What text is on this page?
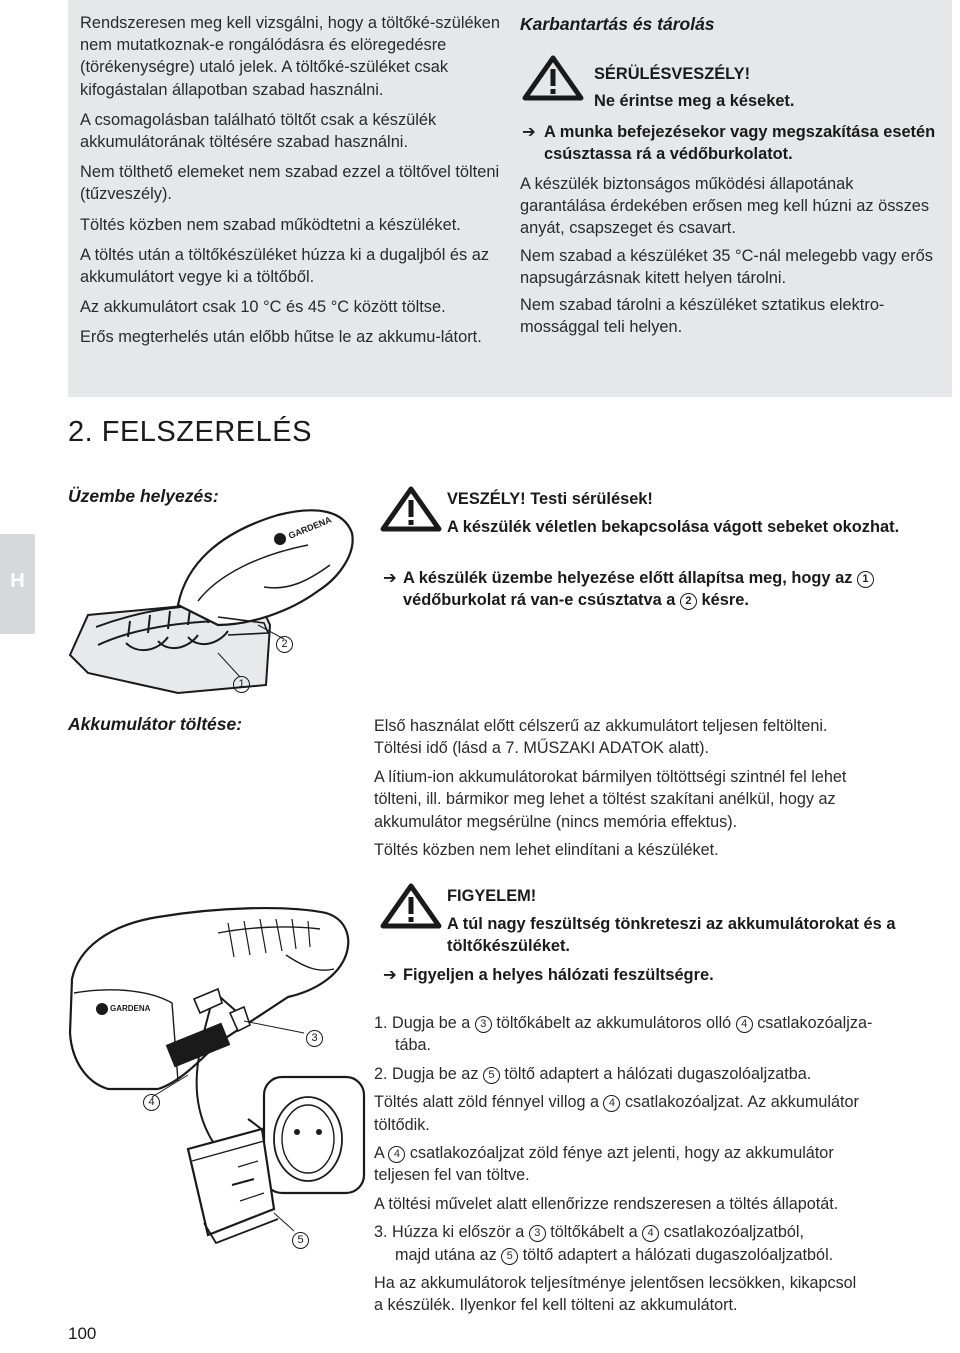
Rendszeresen meg kell vizsgálni, hogy a töltőké-szüléken nem mutatkoznak-e rongálódásra és elöregedésre (törékenységre) utaló jelek. A töltőké-szüléket csak kifogástalan állapotban szabad használni.

A csomagolásban található töltőt csak a készülék akkumulátorának töltésére szabad használni.

Nem tölthető elemeket nem szabad ezzel a töltővel tölteni (tűzveszély).

Töltés közben nem szabad működtetni a készüléket.

A töltés után a töltőkészüléket húzza ki a dugaljból és az akkumulátort vegye ki a töltőből.

Az akkumulátort csak 10 °C és 45 °C között töltse.

Erős megterhelés után előbb hűtse le az akkumu-látort.

Karbantartás és tárolás
SÉRÜLÉSVESZÉLY!
Ne érintse meg a késeket.
➔ A munka befejezésekor vagy megszakítása esetén csúsztassa rá a védőburkolatot.

A készülék biztonságos működési állapotának garantálása érdekében erősen meg kell húzni az összes anyát, csapszeget és csavart.

Nem szabad a készüléket 35 °C-nál melegebb vagy erős napsugárzásnak kitett helyen tárolni.

Nem szabad tárolni a készüléket sztatikus elektro-mossággal teli helyen.

2. FELSZERELÉS
H
Üzembe helyezés:	VESZÉLY! Testi sérülések!
A készülék véletlen bekapcsolása vágott sebeket okozhat.
➔ A készülék üzembe helyezése előtt állapítsa meg, hogy az 1 védőburkolat rá van-e csúsztatva a 2 késre.
GARDENA
2
1
Akkumulátor töltése:	Első használat előtt célszerű az akkumulátort teljesen feltölteni.

Töltési idő (lásd a 7. MŰSZAKI ADATOK alatt).

A lítium-ion akkumulátorokat bármilyen töltöttségi szintnél fel lehet tölteni, ill. bármikor meg lehet a töltést szakítani anélkül, hogy az akkumulátor megsérülne (nincs memória effektus).

Töltés közben nem lehet elindítani a készüléket.

FIGYELEM!
A túl nagy feszültség tönkreteszi az akkumulátorokat és a töltőkészüléket.
➔ Figyeljen a helyes hálózati feszültségre.

1. Dugja be a 3 töltőkábelt az akkumulátoros olló 4 csatlakozóaljza-

tába.

2. Dugja be az 5 töltő adaptert a hálózati dugaszolóaljzatba.

Töltés alatt zöld fénnyel villog a 4 csatlakozóaljzat. Az akkumulátor

töltődik.

A 4 csatlakozóaljzat zöld fénye azt jelenti, hogy az akkumulátor

teljesen fel van töltve.

A töltési művelet alatt ellenőrizze rendszeresen a töltés állapotát.

3. Húzza ki először a 3 töltőkábelt a 4 csatlakozóaljzatból,

majd utána az 5 töltő adaptert a hálózati dugaszolóaljzatból.

Ha az akkumulátorok teljesítménye jelentősen lecsökken, kikapcsol

a készülék. Ilyenkor fel kell tölteni az akkumulátort.

GARDENA
3
4
5
100
